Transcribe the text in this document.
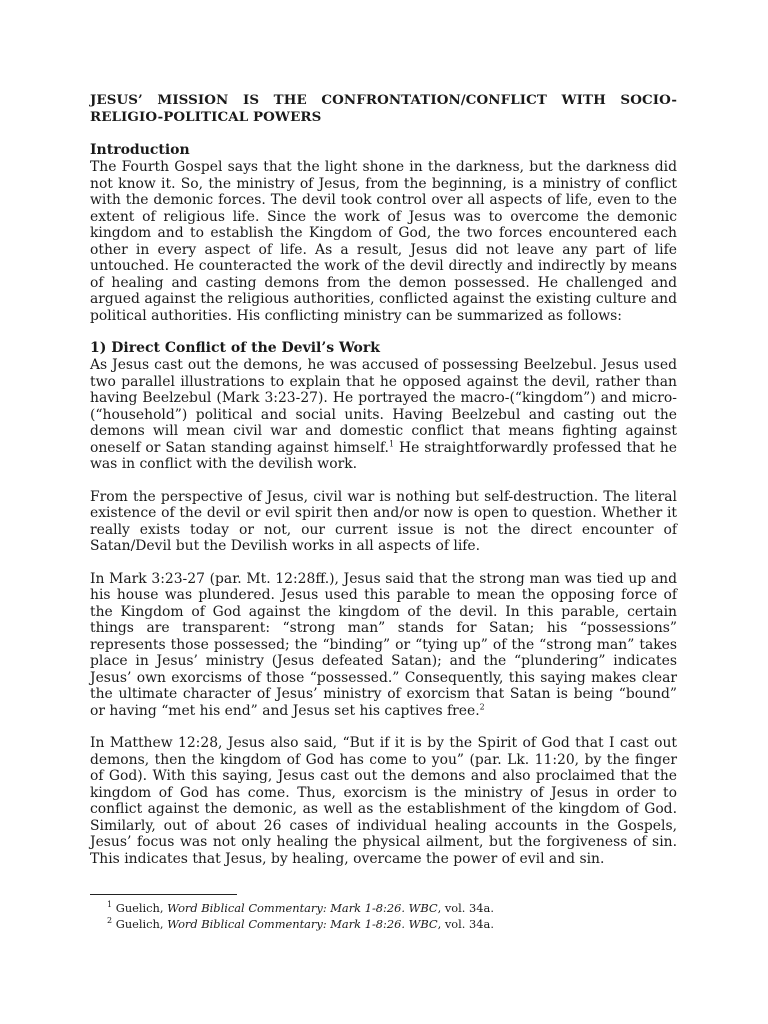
JESUS’ MISSION IS THE CONFRONTATION/CONFLICT WITH SOCIO-RELIGIO-POLITICAL POWERS
Introduction

The Fourth Gospel says that the light shone in the darkness, but the darkness did not know it. So, the ministry of Jesus, from the beginning, is a ministry of conflict with the demonic forces. The devil took control over all aspects of life, even to the extent of religious life. Since the work of Jesus was to overcome the demonic kingdom and to establish the Kingdom of God, the two forces encountered each other in every aspect of life. As a result, Jesus did not leave any part of life untouched. He counteracted the work of the devil directly and indirectly by means of healing and casting demons from the demon possessed. He challenged and argued against the religious authorities, conflicted against the existing culture and political authorities. His conflicting ministry can be summarized as follows:

1) Direct Conflict of the Devil’s Work

As Jesus cast out the demons, he was accused of possessing Beelzebul. Jesus used two parallel illustrations to explain that he opposed against the devil, rather than having Beelzebul (Mark 3:23-27). He portrayed the macro-(“kingdom”) and micro-(“household”) political and social units. Having Beelzebul and casting out the demons will mean civil war and domestic conflict that means fighting against oneself or Satan standing against himself.$^1$ He straightforwardly professed that he was in conflict with the devilish work.

From the perspective of Jesus, civil war is nothing but self-destruction. The literal existence of the devil or evil spirit then and/or now is open to question. Whether it really exists today or not, our current issue is not the direct encounter of Satan/Devil but the Devilish works in all aspects of life.

In Mark 3:23-27 (par. Mt. 12:28ff.), Jesus said that the strong man was tied up and his house was plundered. Jesus used this parable to mean the opposing force of the Kingdom of God against the kingdom of the devil. In this parable, certain things are transparent: “strong man” stands for Satan; his “possessions” represents those possessed; the “binding” or “tying up” of the “strong man” takes place in Jesus’ ministry (Jesus defeated Satan); and the “plundering” indicates Jesus’ own exorcisms of those “possessed.” Consequently, this saying makes clear the ultimate character of Jesus’ ministry of exorcism that Satan is being “bound” or having “met his end” and Jesus set his captives free.$^2$

In Matthew 12:28, Jesus also said, “But if it is by the Spirit of God that I cast out demons, then the kingdom of God has come to you” (par. Lk. 11:20, by the finger of God). With this saying, Jesus cast out the demons and also proclaimed that the kingdom of God has come. Thus, exorcism is the ministry of Jesus in order to conflict against the demonic, as well as the establishment of the kingdom of God. Similarly, out of about 26 cases of individual healing accounts in the Gospels, Jesus’ focus was not only healing the physical ailment, but the forgiveness of sin. This indicates that Jesus, by healing, overcame the power of evil and sin.

$^1$ Guelich, Word Biblical Commentary: Mark 1-8:26. WBC, vol. 34a.

$^2$ Guelich, Word Biblical Commentary: Mark 1-8:26. WBC, vol. 34a.
